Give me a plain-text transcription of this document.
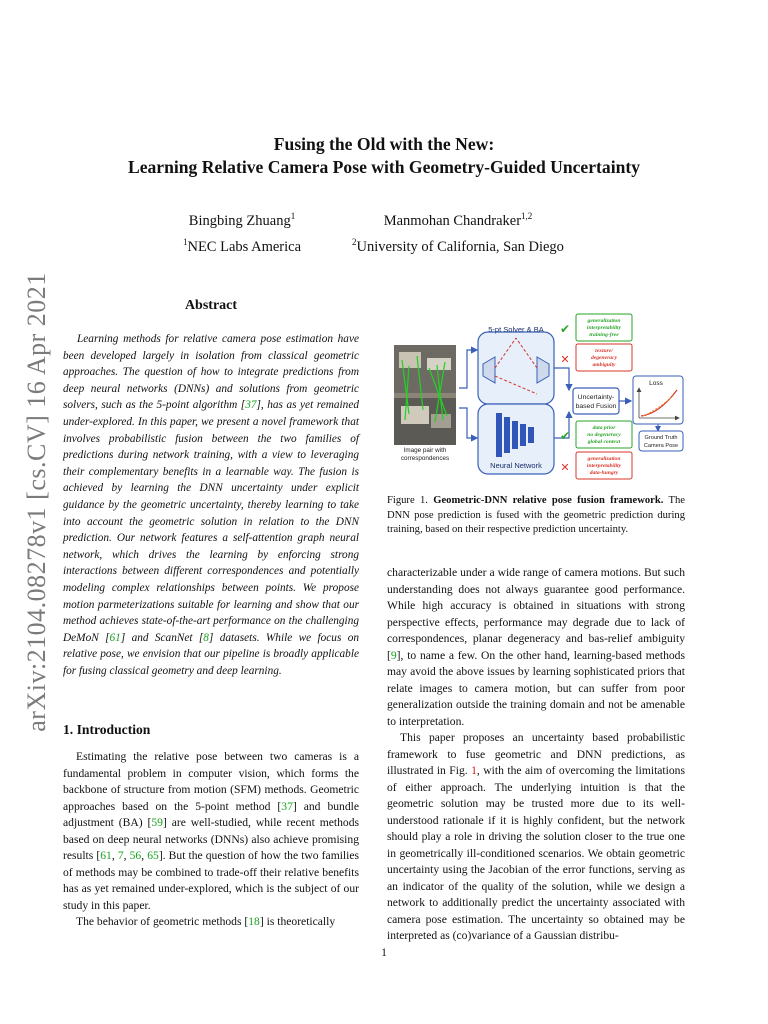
arXiv:2104.08278v1 [cs.CV] 16 Apr 2021
Fusing the Old with the New:
Learning Relative Camera Pose with Geometry-Guided Uncertainty
Bingbing Zhuang$^1$
$^1$NEC Labs America
Manmohan Chandraker$^{1,2}$
$^2$University of California, San Diego
Abstract
Learning methods for relative camera pose estimation have been developed largely in isolation from classical geometric approaches. The question of how to integrate predictions from deep neural networks (DNNs) and solutions from geometric solvers, such as the 5-point algorithm [37], has as yet remained under-explored. In this paper, we present a novel framework that involves probabilistic fusion between the two families of predictions during network training, with a view to leveraging their complementary benefits in a learnable way. The fusion is achieved by learning the DNN uncertainty under explicit guidance by the geometric uncertainty, thereby learning to take into account the geometric solution in relation to the DNN prediction. Our network features a self-attention graph neural network, which drives the learning by enforcing strong interactions between different correspondences and potentially modeling complex relationships between points. We propose motion parmeterizations suitable for learning and show that our method achieves state-of-the-art performance on the challenging DeMoN [61] and ScanNet [8] datasets. While we focus on relative pose, we envision that our pipeline is broadly applicable for fusing classical geometry and deep learning.
1. Introduction

Estimating the relative pose between two cameras is a fundamental problem in computer vision, which forms the backbone of structure from motion (SFM) methods. Geometric approaches based on the 5-point method [37] and bundle adjustment (BA) [59] are well-studied, while recent methods based on deep neural networks (DNNs) also achieve promising results [61, 7, 56, 65]. But the question of how the two families of methods may be combined to trade-off their relative benefits has as yet remained under-explored, which is the subject of our study in this paper.

The behavior of geometric methods [18] is theoretically

characterizable under a wide range of camera motions. But such understanding does not always guarantee good performance. While high accuracy is obtained in situations with strong perspective effects, performance may degrade due to lack of correspondences, planar degeneracy and bas-relief ambiguity [9], to name a few. On the other hand, learning-based methods may avoid the above issues by learning sophisticated priors that relate images to camera motion, but can suffer from poor generalization outside the training domain and not be amenable to interpretation.

This paper proposes an uncertainty based probabilistic framework to fuse geometric and DNN predictions, as illustrated in Fig. 1, with the aim of overcoming the limitations of either approach. The underlying intuition is that the geometric solution may be trusted more due to its well-understood rationale if it is highly confident, but the network should play a role in driving the solution closer to the true one in geometrically ill-conditioned scenarios. We obtain geometric uncertainty using the Jacobian of the error functions, serving as an indicator of the quality of the solution, while we design a network to additionally predict the uncertainty associated with camera pose estimation. The uncertainty so obtained may be interpreted as (co)variance of a Gaussian distribu-

Image pair with
correspondences
5-pt Solver & BA
Neural Network
Uncertainty-
based Fusion
Loss
Ground Truth
Camera Pose
✔
generalization
interpretability
training-free
✕
texture/
degeneracy
ambiguity
✔
data prior
no degeneracy
global context
✕
generalization
interpretability
data-hungry
Figure 1. Geometric-DNN relative pose fusion framework. The DNN pose prediction is fused with the geometric prediction during training, based on their respective prediction uncertainty.
1
